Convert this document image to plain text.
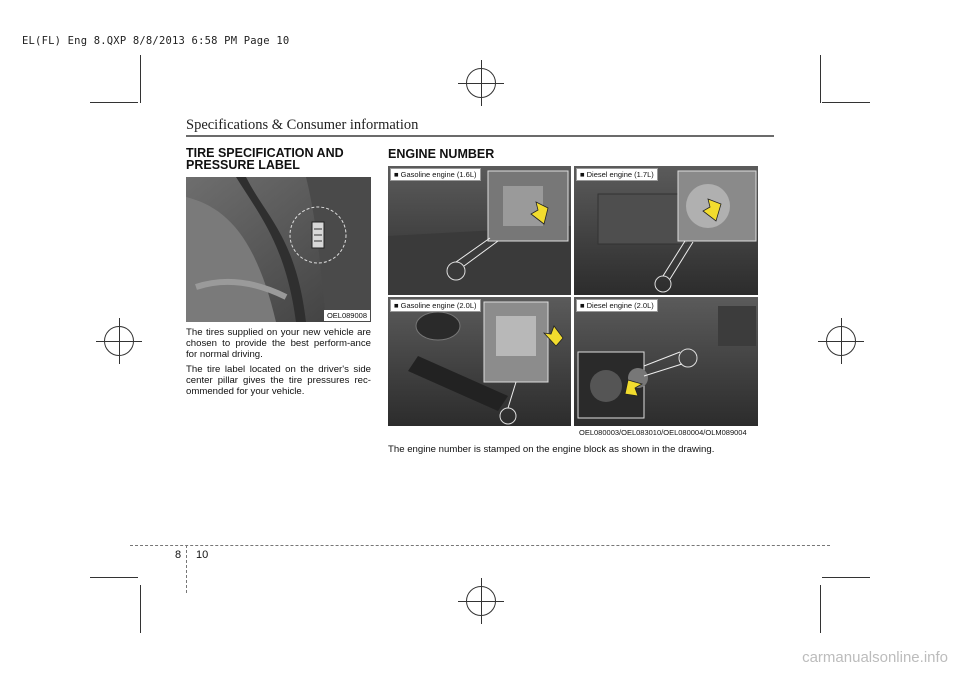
EL(FL) Eng 8.QXP 8/8/2013 6:58 PM Page 10
Specifications & Consumer information
TIRE SPECIFICATION AND PRESSURE LABEL
OEL089008

The tires supplied on your new vehicle are chosen to provide the best perform-ance for normal driving.

The tire label located on the driver's side center pillar gives the tire pressures rec-ommended for your vehicle.

ENGINE NUMBER
■ Gasoline engine (1.6L)	■ Diesel engine (1.7L)
■ Gasoline engine (2.0L)	■ Diesel engine (2.0L)
OEL080003/OEL083010/OEL080004/OLM089004
The engine number is stamped on the engine block as shown in the drawing.
8 10
carmanualsonline.info
